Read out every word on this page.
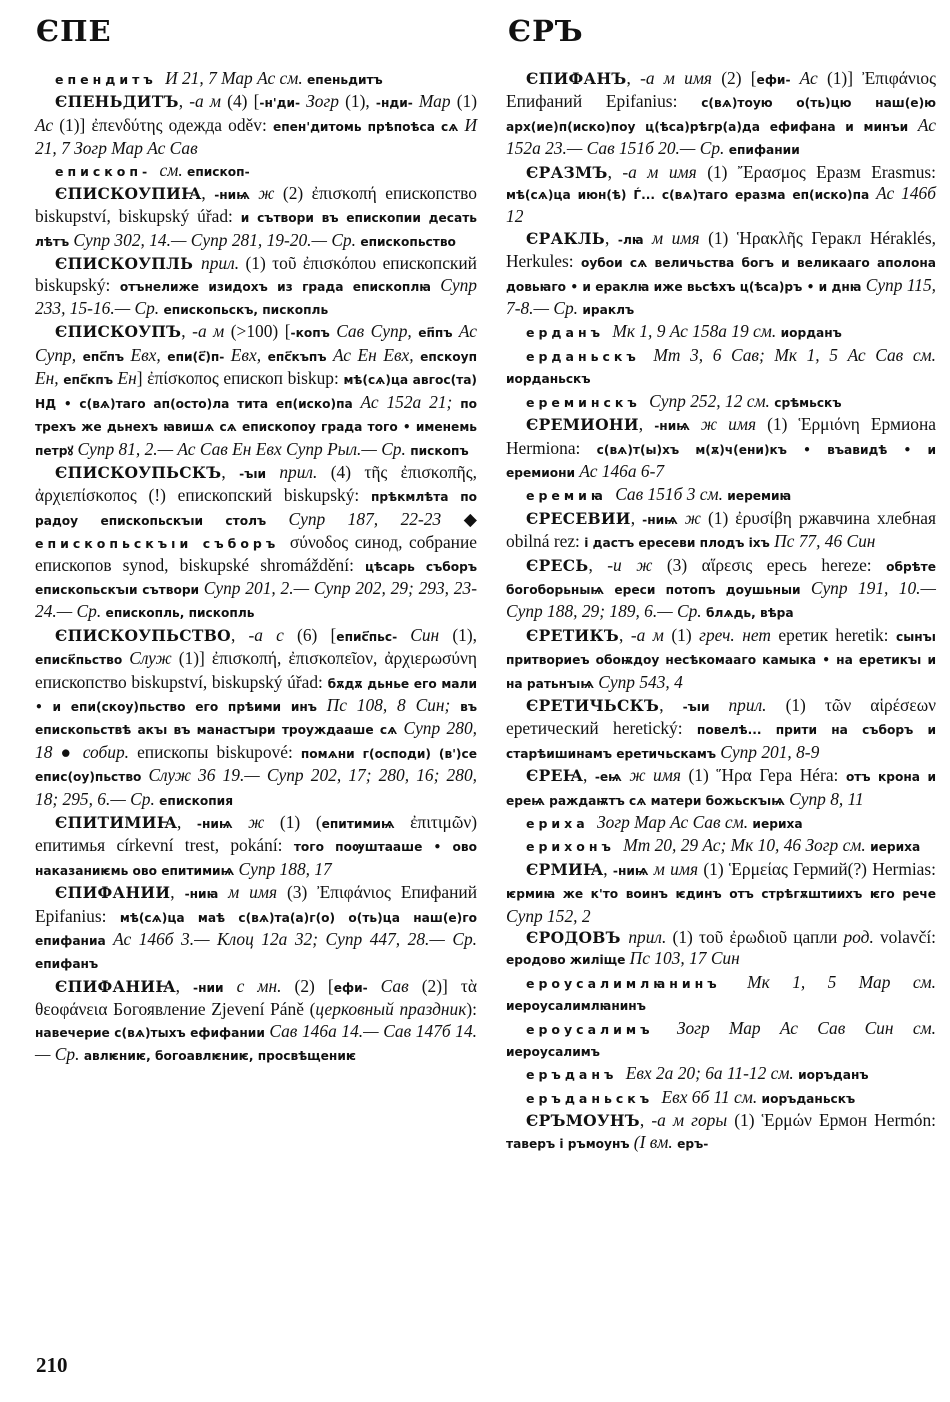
ЄПЕ	ЄРЪ

епендитъ И 21, 7 Мар Ас см. епеньдитъ

ЄПЕНЬДИТЪ, -а м (4) [-н'ди- Зогр (1), -нди- Мар (1) Ас (1)] ἐπενδύτης одежда oděv: епен'дитомь прѣпоѣса сѧ И 21, 7 Зогр Мар Ас Сав

епископ- см. епископ-

ЄПИСКОУПИꙖ, -ниѩ ж (2) ἐπισκοπή епископство biskupství, biskupský úřad: и сътвори въ епископии десать лѣтъ Супр 302, 14.— Супр 281, 19-20.— Ср. епископьство

ЄПИСКОУПЛЬ прил. (1) τοῦ ἐπισκόπου епископский biskupský: отънелиже изидохъ из града епископлꙗ Супр 233, 15-16.— Ср. епископьскъ, пископль

ЄПИСКОУПЪ, -а м (>100) [-копъ Сав Супр, еп҃пъ Ас Супр, епс҃пъ Евх, епи(с҃)п- Евх, епс҃къпъ Ас Ен Евх, епскоуп Ен, епс҃кпъ Ен] ἐπίσκοπος епископ biskup: мѣ(сѧ)ца авгос(та) НД • с(вѧ)таго ап(осто)ла тита еп(иско)па Ас 152а 21; по трехъ же дьнехъ ꙗвишѧ сѧ епископоу града того • именемь петрꙋ Супр 81, 2.— Ас Сав Ен Евх Супр Рыл.— Ср. пископъ

ЄПИСКОУПЬСКЪ, -ъıи прил. (4) τῆς ἐπισκοπῆς, ἀρχιεπίσκοπος (!) епископский biskupský: прѣкмлѣта по радоу епископьскъıи столъ Супр 187, 22-23 ◆ епископьскъıи съборъ σύνοδος синод, собрание епископов synod, biskupské shromáždění: цѣсарь съборъ епископьскъıи сътвори Супр 201, 2.— Супр 202, 29; 293, 23-24.— Ср. епископль, пископль

ЄПИСКОУПЬСТВО, -а с (6) [епис҃пьс- Син (1), еписк҃пьство Служ (1)] ἐπισκοπή, ἐπισκοπεῖον, ἀρχιερωσύνη епископство biskupství, biskupský úřad: бѫдѫ дьнье его мали • и епи(скоу)пьство его прѣими инъ Пс 108, 8 Син; въ епископьствѣ акъı въ манастꙑри троуждааше сѧ Супр 280, 18 ● собир. епископы biskupové: помѧни г(осподи) (в')се епис(оу)пьство Служ 36 19.— Супр 202, 17; 280, 16; 280, 18; 295, 6.— Ср. епископия

ЄПИТИМИꙖ, -ниѩ ж (1) (епитимиѩ ἐπιτιμῶν) епитимья církevní trest, pokání: того поѹштааше • ово наказаниѥмь ово епитимиѩ Супр 188, 17

ЄПИФАНИИ, -ниꙗ м имя (3) Ἐπιφάνιος Епифаний Epifanius: мѣ(сѧ)ца маѣ с(вѧ)та(а)г(о) о(ть)ца наш(е)го епифаниа Ас 146б 3.— Клоц 12а 32; Супр 447, 28.— Ср. епифанъ

ЄПИФАНИꙖ, -нии с мн. (2) [ефи- Сав (2)] τὰ θεοφάνεια Богоявление Zjevení Páně (церковный праздник): навечерие с(вѧ)тыхъ ефифании Сав 146а 14.— Сав 147б 14.— Ср. авлѥниѥ, богоавлѥниѥ, просвѣщениѥ

ЄПИФАНЪ, -а м имя (2) [ефи- Ас (1)] Ἐπιφάνιος Епифаний Epifanius: с(вѧ)тоую о(ть)цю наш(е)ю арх(ие)п(иско)поу ц(ѣса)рѣгр(а)да ефифана и минъи Ас 152а 23.— Сав 151б 20.— Ср. епифании

ЄРАЗМЪ, -а м имя (1) Ἔρασμος Еразм Erasmus: мѣ(сѧ)ца июн(ѣ) Ѓ... с(вѧ)таго еразма еп(иско)па Ас 146б 12

ЄРАКЛЬ, -лꙗ м имя (1) Ἡρακλῆς Геракл Héraklés, Herkules: оубои сѧ величьства богъ и великааго аполона довьꙗго • и ераклꙗ иже вьсѣхъ ц(ѣса)ръ • и днꙗ Супр 115, 7-8.— Ср. ираклъ

ерданъ Мк 1, 9 Ас 158а 19 см. иорданъ

ерданьскъ Мт 3, 6 Сав; Мк 1, 5 Ас Сав см. иорданьскъ

ереминскъ Супр 252, 12 см. срѣмьскъ

ЄРЕМИОНИ, -ниѩ ж имя (1) Ἑρμιόνη Ермиона Hermiona: с(вѧ)т(ы)хъ м(ѫ)ч(ени)къ • въавидѣ • и еремиони Ас 146а 6-7

еремиꙗ Сав 151б 3 см. иеремиꙗ

ЄРЕСЕВИИ, -ниѩ ж (1) ἐρυσίβη ржавчина хлебная obilná rez: і дастъ ересеви плодъ іхъ Пс 77, 46 Син

ЄРЕСЬ, -и ж (3) αἵρεσις ересь hereze: обрѣте богоборьныѩ ереси потопъ доушьныи Супр 191, 10.— Супр 188, 29; 189, 6.— Ср. блѧдь, вѣра

ЄРЕТИКЪ, -а м (1) греч. нет еретик heretik: сынъı притвориеъ обоѭдоу несѣкомааго камыка • на еретикъı и на ратьнъıѩ Супр 543, 4

ЄРЕТИЧЬСКЪ, -ъıи прил. (1) τῶν αἱρέσεων еретический heretický: повелѣ... прити на съборъ и старѣишинамъ еретичьскамъ Супр 201, 8-9

ЄРЕꙖ, -еѩ ж имя (1) Ἥρα Гера Héra: отъ крона и ереѩ раждаѭтъ сѧ матери божьскъıѩ Супр 8, 11

ерихa Зогр Мар Ас Сав см. иерихa

ерихонъ Мт 20, 29 Ас; Мк 10, 46 Зогр см. иерихa

ЄРМИꙖ, -ниѩ м имя (1) Ἑρμείας Гермий(?) Hermias: ѥрмиꙗ же к'то воинъ ѥдинъ отъ стрѣгѫштиихъ ѥго рече Супр 152, 2

ЄРОДОВЪ прил. (1) τοῦ ἐρωδιοῦ цапли род. volavčí: еродово жиліще Пс 103, 17 Син

ероусалимлꙗнинъ Мк 1, 5 Мар см. иероусалимлꙗнинъ

ероусалимъ Зогр Мар Ас Сав Син см. иероусалимъ

еръданъ Евх 2а 20; 6а 11-12 см. иоръданъ

еръданьскъ Евх 6б 11 см. иоръданьскъ

ЄРЪМОУНЪ, -а м горы (1) Ἑρμών Ермон Hermón: таверъ і ръмоунъ (І вм. еръ-

210
